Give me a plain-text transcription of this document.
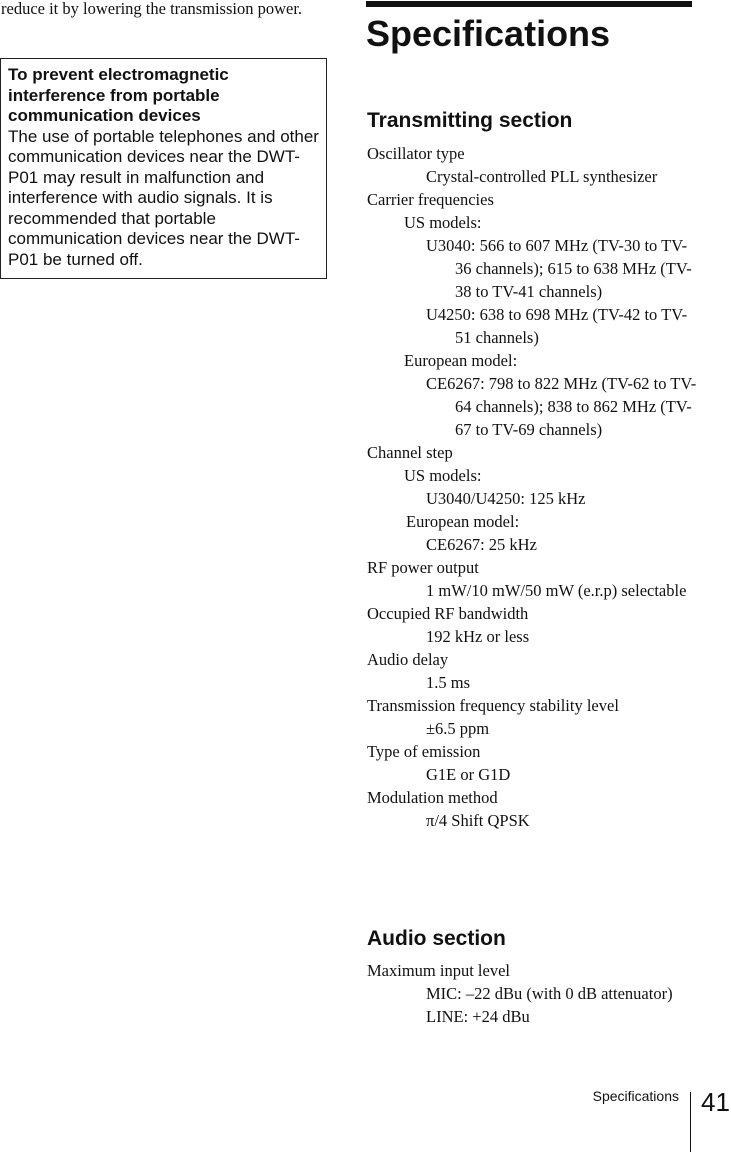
reduce it by lowering the transmission power.

To prevent electromagnetic interference from portable communication devices
The use of portable telephones and other communication devices near the DWT-P01 may result in malfunction and interference with audio signals. It is recommended that portable communication devices near the DWT-P01 be turned off.
Specifications
Transmitting section
Oscillator type
Crystal-controlled PLL synthesizer
Carrier frequencies
US models:
U3040: 566 to 607 MHz (TV-30 to TV-36 channels); 615 to 638 MHz (TV-38 to TV-41 channels)
U4250: 638 to 698 MHz (TV-42 to TV-51 channels)
European model:
CE6267: 798 to 822 MHz (TV-62 to TV-64 channels); 838 to 862 MHz (TV-67 to TV-69 channels)
Channel step
US models:
U3040/U4250: 125 kHz
European model:
CE6267: 25 kHz
RF power output
1 mW/10 mW/50 mW (e.r.p) selectable
Occupied RF bandwidth
192 kHz or less
Audio delay
1.5 ms
Transmission frequency stability level
±6.5 ppm
Type of emission
G1E or G1D
Modulation method
π/4 Shift QPSK
Audio section
Maximum input level
MIC: –22 dBu (with 0 dB attenuator)
LINE: +24 dBu
Specifications 41
